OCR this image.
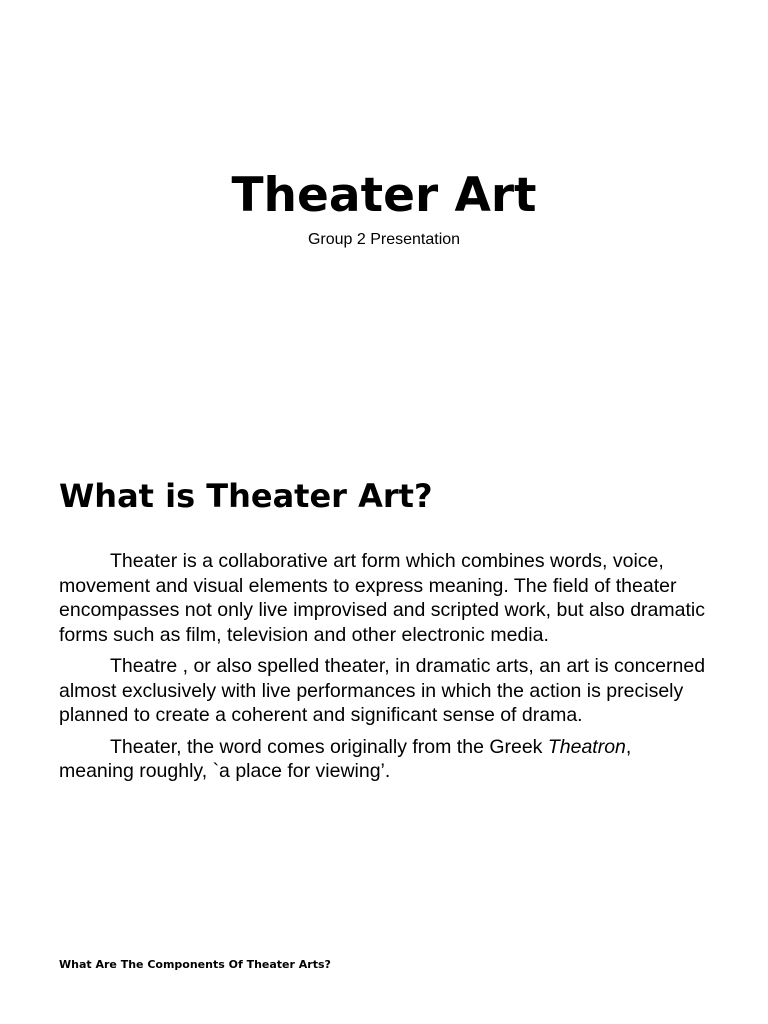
Theater Art
Group 2 Presentation
What is Theater Art?

Theater is a collaborative art form which combines words, voice, movement and visual elements to express meaning. The field of theater encompasses not only live improvised and scripted work, but also dramatic forms such as film, television and other electronic media.

Theatre , or also spelled theater, in dramatic arts, an art is concerned almost exclusively with live performances in which the action is precisely planned to create a coherent and significant sense of drama.

Theater, the word comes originally from the Greek Theatron, meaning roughly, `a place for viewing’.

What Are The Components Of Theater Arts?
